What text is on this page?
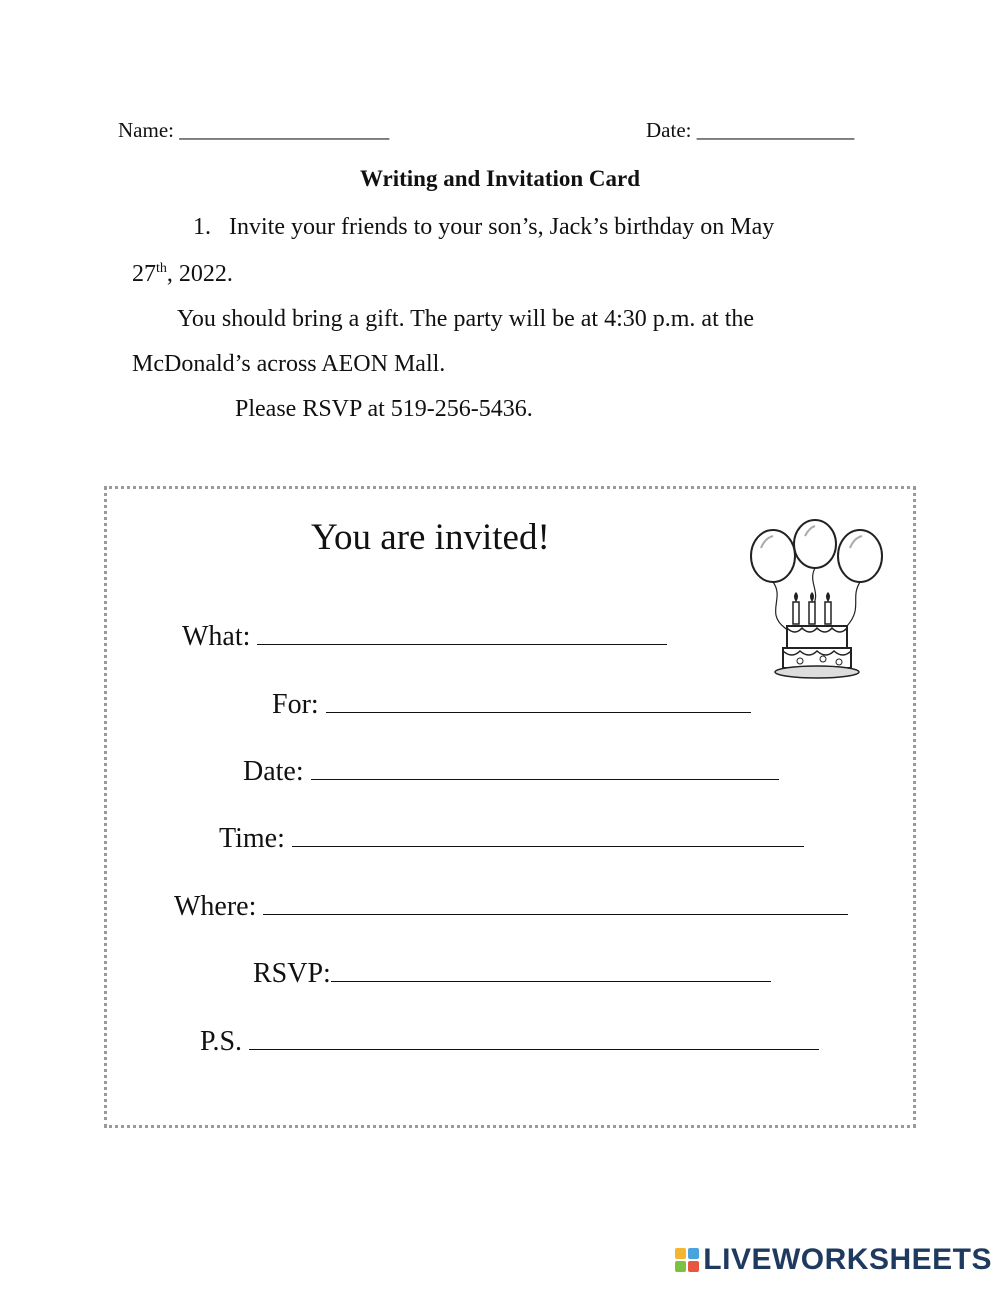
Name: ____________________	Date: _______________
Writing and Invitation Card
1. Invite your friends to your son’s, Jack’s birthday on May
27th, 2022.
You should bring a gift. The party will be at 4:30 p.m. at the
McDonald’s across AEON Mall.
Please RSVP at 519-256-5436.
You are invited!
What:
For:
Date:
Time:
Where:
RSVP:
P.S.
LIVEWORKSHEETS
